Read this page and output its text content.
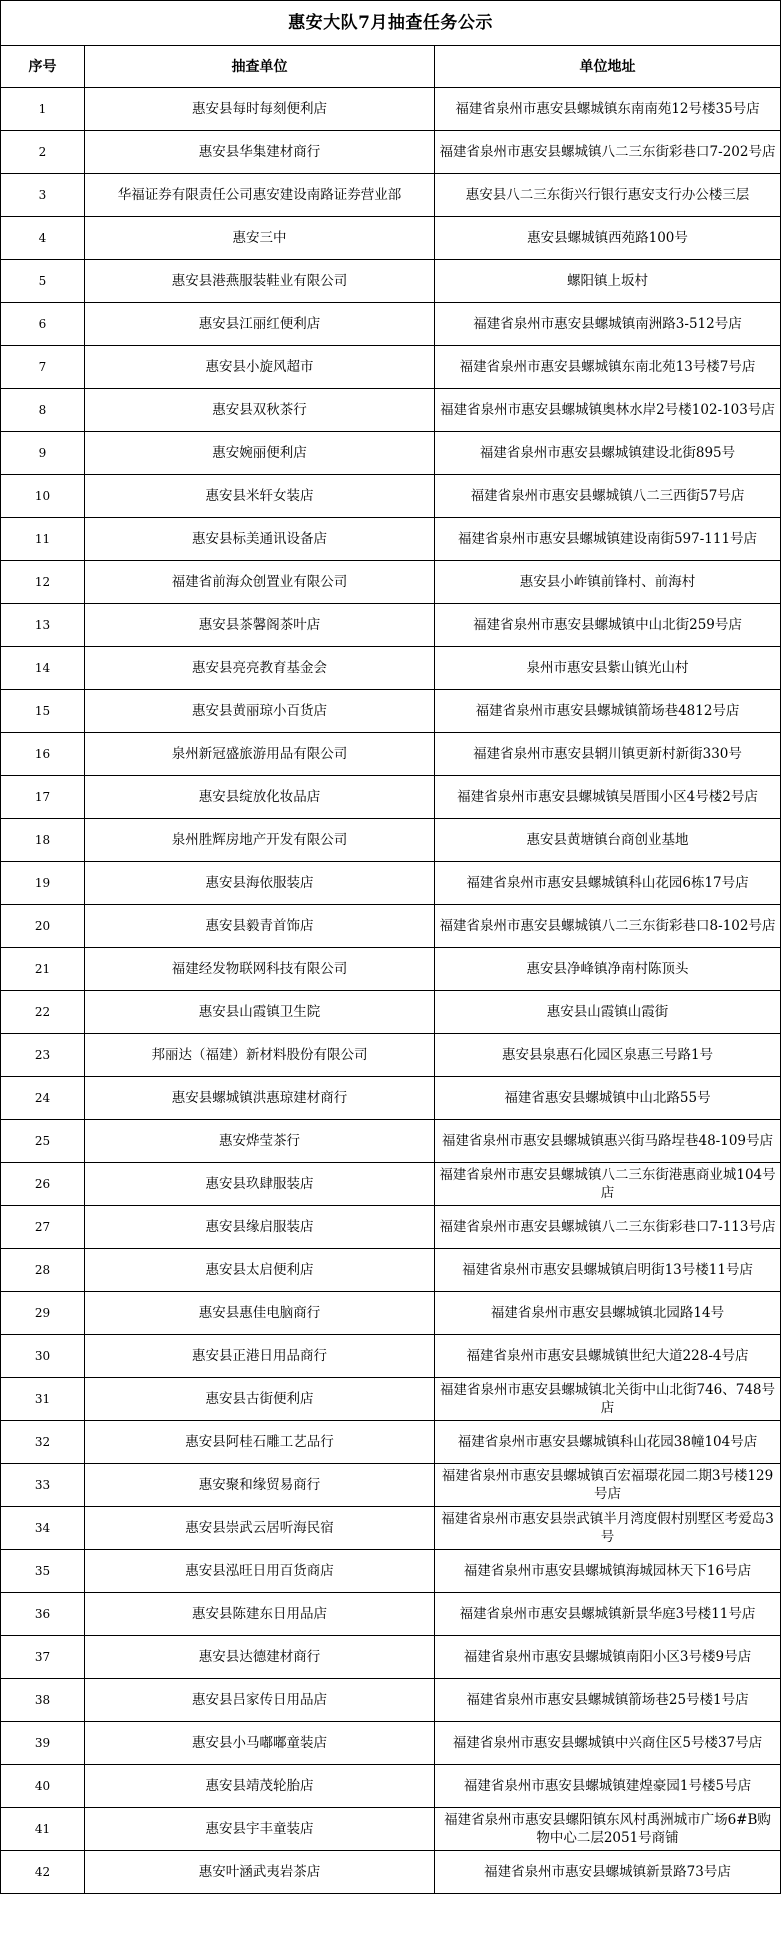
惠安大队7月抽查任务公示		
序号	抽查单位	单位地址
1	惠安县每时每刻便利店	福建省泉州市惠安县螺城镇东南南苑12号楼35号店
2	惠安县华集建材商行	福建省泉州市惠安县螺城镇八二三东街彩巷口7-202号店
3	华福证券有限责任公司惠安建设南路证券营业部	惠安县八二三东街兴行银行惠安支行办公楼三层
4	惠安三中	惠安县螺城镇西苑路100号
5	惠安县港燕服装鞋业有限公司	螺阳镇上坂村
6	惠安县江丽红便利店	福建省泉州市惠安县螺城镇南洲路3-512号店
7	惠安县小旋风超市	福建省泉州市惠安县螺城镇东南北苑13号楼7号店
8	惠安县双秋茶行	福建省泉州市惠安县螺城镇奥林水岸2号楼102-103号店
9	惠安婉丽便利店	福建省泉州市惠安县螺城镇建设北街895号
10	惠安县米轩女装店	福建省泉州市惠安县螺城镇八二三西街57号店
11	惠安县标美通讯设备店	福建省泉州市惠安县螺城镇建设南街597-111号店
12	福建省前海众创置业有限公司	惠安县小岞镇前锋村、前海村
13	惠安县茶馨阁茶叶店	福建省泉州市惠安县螺城镇中山北街259号店
14	惠安县亮亮教育基金会	泉州市惠安县紫山镇光山村
15	惠安县黄丽琼小百货店	福建省泉州市惠安县螺城镇箭场巷4812号店
16	泉州新冠盛旅游用品有限公司	福建省泉州市惠安县辋川镇更新村新街330号
17	惠安县绽放化妆品店	福建省泉州市惠安县螺城镇吴厝围小区4号楼2号店
18	泉州胜辉房地产开发有限公司	惠安县黄塘镇台商创业基地
19	惠安县海依服装店	福建省泉州市惠安县螺城镇科山花园6栋17号店
20	惠安县毅青首饰店	福建省泉州市惠安县螺城镇八二三东街彩巷口8-102号店
21	福建经发物联网科技有限公司	惠安县净峰镇净南村陈顶头
22	惠安县山霞镇卫生院	惠安县山霞镇山霞街
23	邦丽达（福建）新材料股份有限公司	惠安县泉惠石化园区泉惠三号路1号
24	惠安县螺城镇洪惠琼建材商行	福建省惠安县螺城镇中山北路55号
25	惠安烨莹茶行	福建省泉州市惠安县螺城镇惠兴街马路埕巷48-109号店
26	惠安县玖肆服装店	福建省泉州市惠安县螺城镇八二三东街港惠商业城104号店
27	惠安县缘启服装店	福建省泉州市惠安县螺城镇八二三东街彩巷口7-113号店
28	惠安县太启便利店	福建省泉州市惠安县螺城镇启明街13号楼11号店
29	惠安县惠佳电脑商行	福建省泉州市惠安县螺城镇北园路14号
30	惠安县正港日用品商行	福建省泉州市惠安县螺城镇世纪大道228-4号店
31	惠安县古街便利店	福建省泉州市惠安县螺城镇北关街中山北街746、748号店
32	惠安县阿桂石雕工艺品行	福建省泉州市惠安县螺城镇科山花园38幢104号店
33	惠安聚和缘贸易商行	福建省泉州市惠安县螺城镇百宏福璟花园二期3号楼129号店
34	惠安县崇武云居听海民宿	福建省泉州市惠安县崇武镇半月湾度假村别墅区考爱岛3号
35	惠安县泓旺日用百货商店	福建省泉州市惠安县螺城镇海城园林天下16号店
36	惠安县陈建东日用品店	福建省泉州市惠安县螺城镇新景华庭3号楼11号店
37	惠安县达德建材商行	福建省泉州市惠安县螺城镇南阳小区3号楼9号店
38	惠安县吕家传日用品店	福建省泉州市惠安县螺城镇箭场巷25号楼1号店
39	惠安县小马嘟嘟童装店	福建省泉州市惠安县螺城镇中兴商住区5号楼37号店
40	惠安县靖茂轮胎店	福建省泉州市惠安县螺城镇建煌豪园1号楼5号店
41	惠安县宇丰童装店	福建省泉州市惠安县螺阳镇东风村禹洲城市广场6#B购物中心二层2051号商铺
42	惠安叶涵武夷岩茶店	福建省泉州市惠安县螺城镇新景路73号店
